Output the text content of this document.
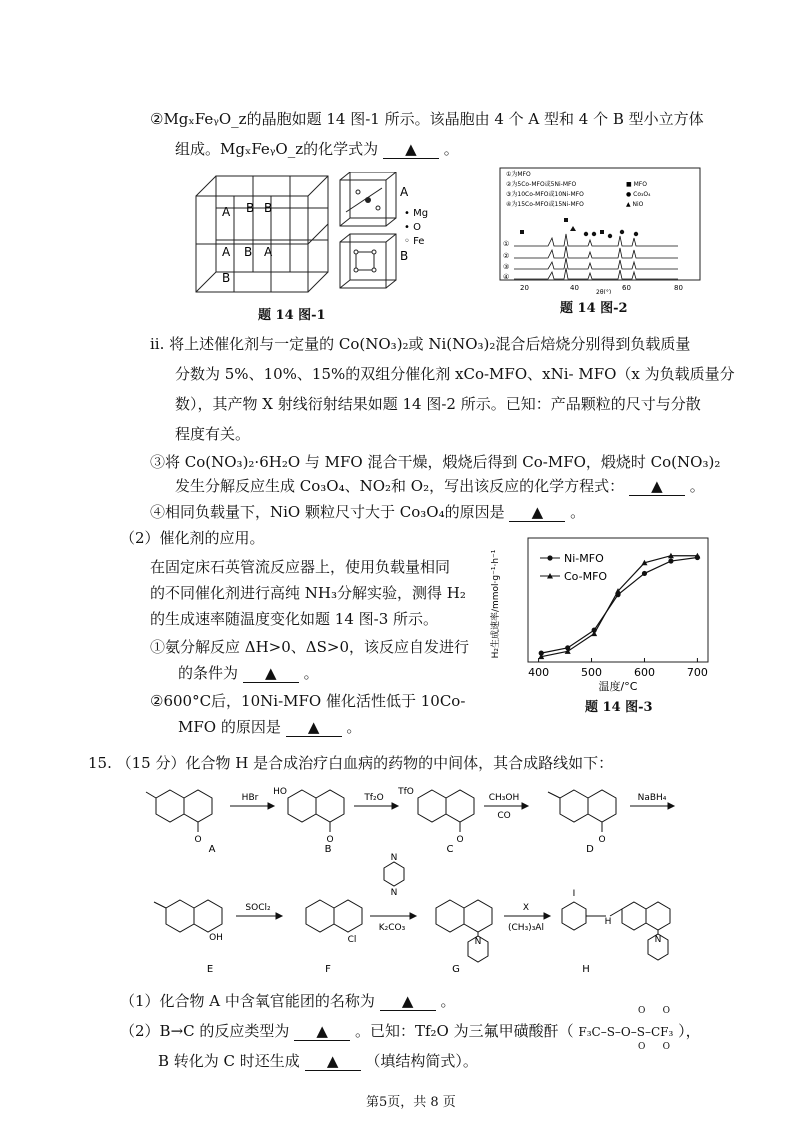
②MgₓFeᵧO_z的晶胞如题 14 图-1 所示。该晶胞由 4 个 A 型和 4 个 B 型小立方体
组成。MgₓFeᵧO_z的化学式为 ▲ 。
A B B
A B A
B
A
B
• Mg
• O
◦ Fe
题 14 图-1
①为MFO
②为5Co-MFO或5Ni-MFO
③为10Co-MFO或10Ni-MFO
④为15Co-MFO或15Ni-MFO
■ MFO
● Co₃O₄
▲ NiO
①
②
③
④
20	40	60	80
2θ(°)
题 14 图-2
ii. 将上述催化剂与一定量的 Co(NO₃)₂或 Ni(NO₃)₂混合后焙烧分别得到负载质量
分数为 5%、10%、15%的双组分催化剂 xCo-MFO、xNi- MFO（x 为负载质量分
数），其产物 X 射线衍射结果如题 14 图-2 所示。已知：产品颗粒的尺寸与分散
程度有关。
③将 Co(NO₃)₂·6H₂O 与 MFO 混合干燥，煅烧后得到 Co-MFO，煅烧时 Co(NO₃)₂
发生分解反应生成 Co₃O₄、NO₂和 O₂，写出该反应的化学方程式： ▲ 。
④相同负载量下，NiO 颗粒尺寸大于 Co₃O₄的原因是 ▲ 。
（2）催化剂的应用。
在固定床石英管流反应器上，使用负载量相同
的不同催化剂进行高纯 NH₃分解实验，测得 H₂
的生成速率随温度变化如题 14 图-3 所示。
①氨分解反应 ΔH>0、ΔS>0，该反应自发进行
的条件为 ▲ 。
②600°C后，10Ni-MFO 催化活性低于 10Co-
MFO 的原因是 ▲ 。
400	500	600	700
H₂生成速率/mmol·g⁻¹·h⁻¹
温度/°C
Ni-MFO
Co-MFO
题 14 图-3
15. （15 分）化合物 H 是合成治疗白血病的药物的中间体，其合成路线如下：
HBr	Tf₂O	CH₃OH
CO
NaBH₄
SOCl₂
K₂CO₃
X
(CH₃)₃Al
O
HO
O
TfO
O	O
OH	Cl
N
N
N
H
I
N
A	B	C	D
E	F	G	H
（1）化合物 A 中含氧官能团的名称为 ▲ 。
（2）B→C 的反应类型为 ▲ 。已知：Tf₂O 为三氟甲磺酸酐（ F₃C–S–O–S–CF₃ ），
O O
O O
B 转化为 C 时还生成 ▲ （填结构简式）。
第5页，共 8 页
